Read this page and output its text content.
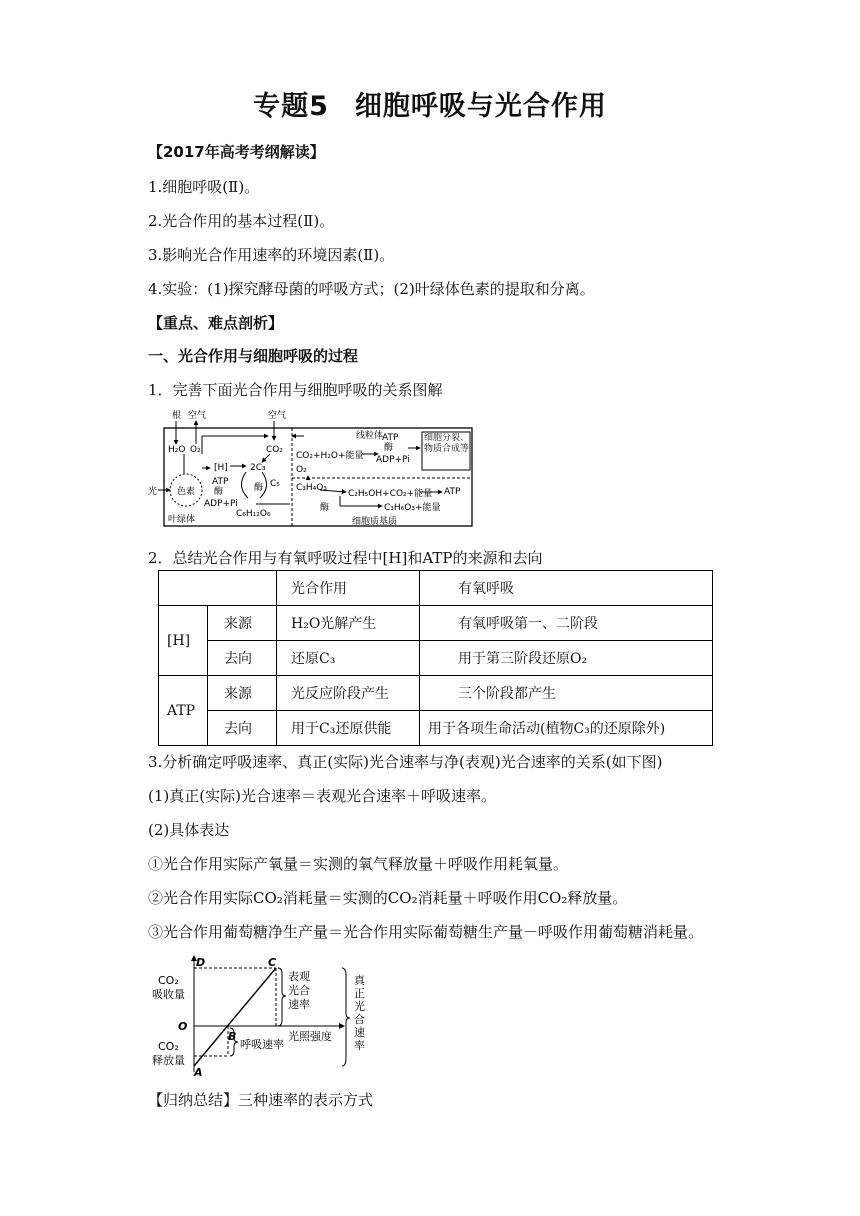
专题5 细胞呼吸与光合作用
【2017年高考考纲解读】
1.细胞呼吸(Ⅱ)。
2.光合作用的基本过程(Ⅱ)。
3.影响光合作用速率的环境因素(Ⅱ)。
4.实验：(1)探究酵母菌的呼吸方式；(2)叶绿体色素的提取和分离。
【重点、难点剖析】
一、光合作用与细胞呼吸的过程
1．完善下面光合作用与细胞呼吸的关系图解
根 空气	空气
H₂O O₂	CO₂
[H] 2C₃
C₅
酶
光 色素
ATP
酶
ADP+Pi
C₆H₁₂O₆
叶绿体
线粒体
CO₂+H₂O+能量
O₂
ATP
酶
ADP+Pi
细胞分裂、物质合成等
C₃H₄O₃
C₂H₅OH+CO₂+能量
C₃H₆O₃+能量
酶
ATP
细胞质基质
2．总结光合作用与有氧呼吸过程中[H]和ATP的来源和去向
		光合作用	有氧呼吸
[H]	来源	H₂O光解产生	有氧呼吸第一、二阶段
	去向	还原C₃	用于第三阶段还原O₂
ATP	来源	光反应阶段产生	三个阶段都产生
	去向	用于C₃还原供能	用于各项生命活动(植物C₃的还原除外)
3.分析确定呼吸速率、真正(实际)光合速率与净(表观)光合速率的关系(如下图)
(1)真正(实际)光合速率＝表观光合速率＋呼吸速率。
(2)具体表达
①光合作用实际产氧量＝实测的氧气释放量＋呼吸作用耗氧量。
②光合作用实际CO₂消耗量＝实测的CO₂消耗量＋呼吸作用CO₂释放量。
③光合作用葡萄糖净生产量＝光合作用实际葡萄糖生产量－呼吸作用葡萄糖消耗量。
CO₂
吸收量
CO₂
释放量
D	C
O
B
A
表观
光合
速率
呼吸速率
光照强度
真
正
光
合
速
率
【归纳总结】三种速率的表示方式
